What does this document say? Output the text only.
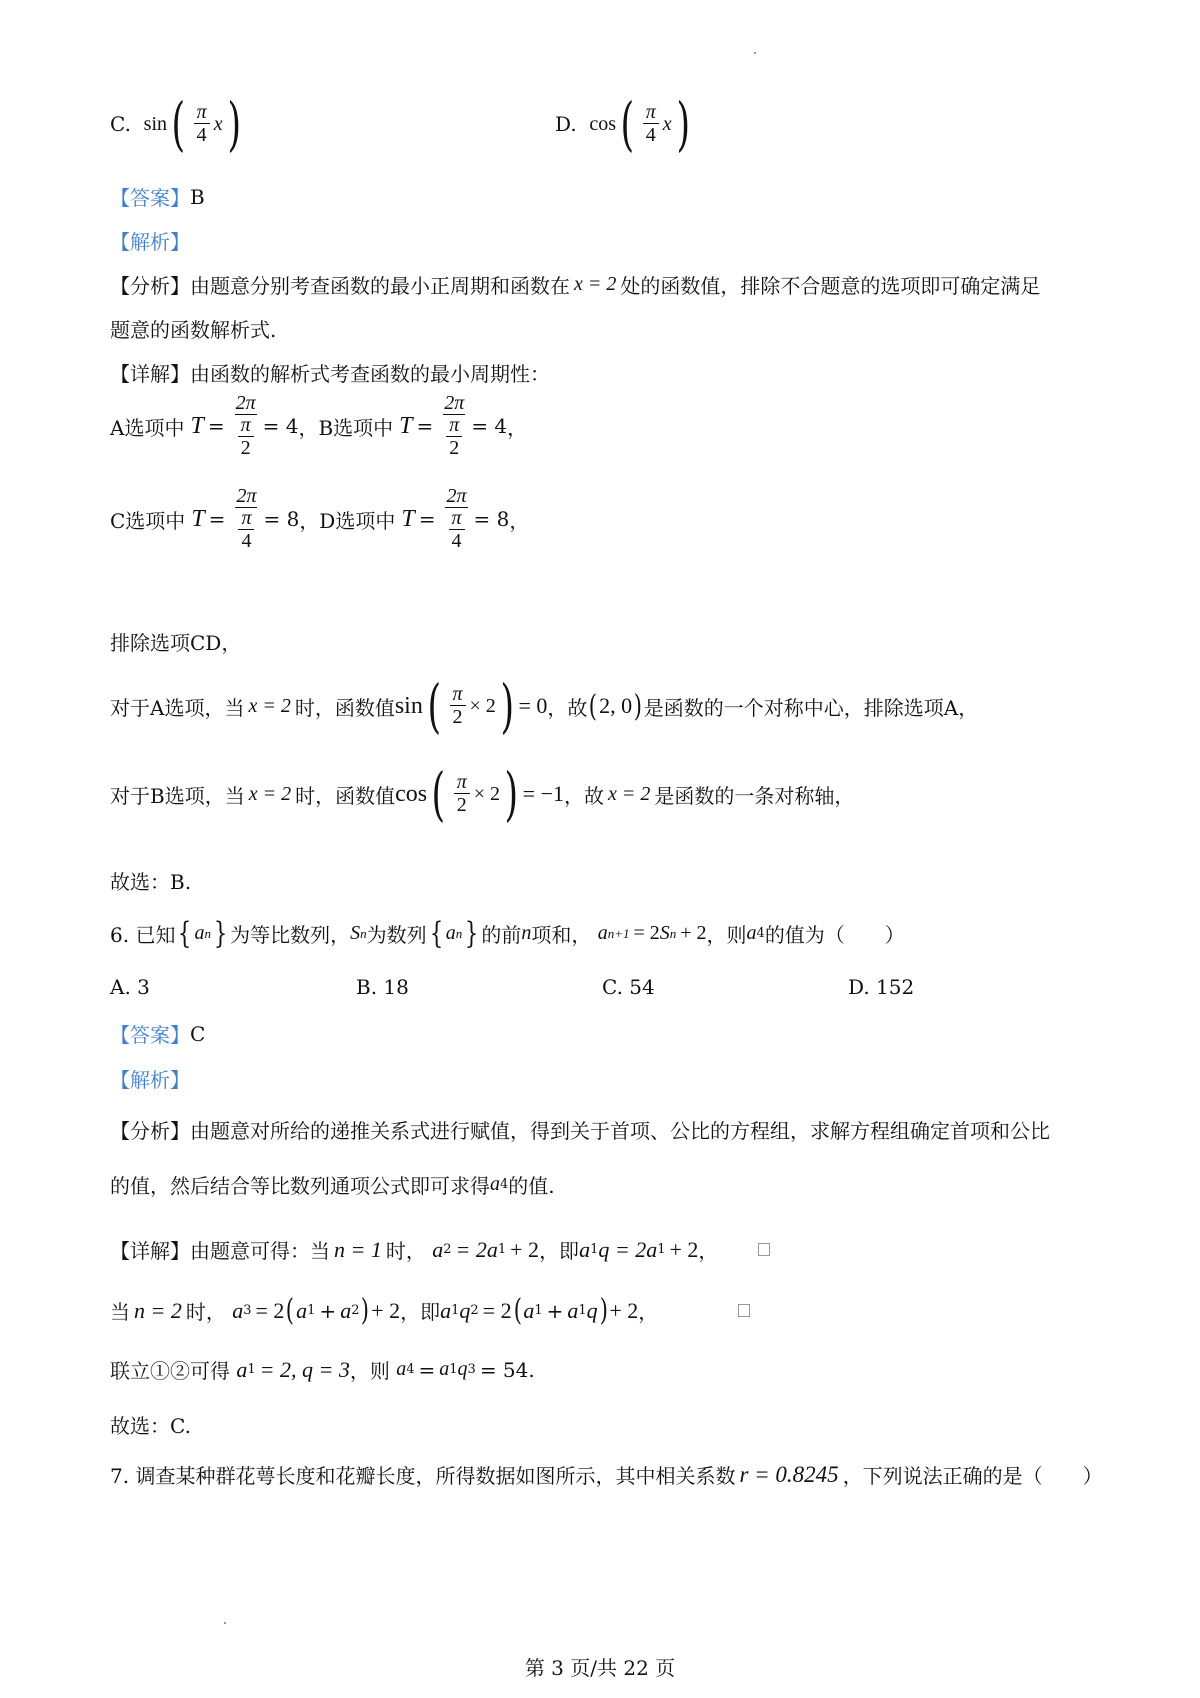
C.
sin ( $\frac{\pi}{4}$ x )	D.
cos ( $\frac{\pi}{4}$ x )
【答案】 B
【解析】
【分析】 由题意分别考查函数的最小正周期和函数在 x = 2 处的函数值，排除不合题意的选项即可确定满足
题意的函数解析式.
【详解】 由函数的解析式考查函数的最小周期性：
A选项中 $T = \frac{2\pi}{\frac{\pi}{2}} = 4$ ，B选项中 $T = \frac{2\pi}{\frac{\pi}{2}} = 4$ ，
C选项中 $T = \frac{2\pi}{\frac{\pi}{4}} = 8$ ，D选项中 $T = \frac{2\pi}{\frac{\pi}{4}} = 8$ ，
排除选项CD，
对于A选项，当 x = 2 时，函数值 sin ( $\frac{\pi}{2} \times 2$ ) = 0 ，故 ( 2, 0 ) 是函数的一个对称中心，排除选项A，
对于B选项，当 x = 2 时，函数值 cos ( $\frac{\pi}{2} \times 2$ ) = −1 ，故 x = 2 是函数的一条对称轴，
故选：B.
6. 已知 { a n } 为等比数列， S n 为数列 { a n } 的前 n 项和，
a n+1 = 2 S n + 2 ，则 a 4 的值为（　　）
A. 3	B. 18	C. 54	D. 152
【答案】 C
【解析】
【分析】 由题意对所给的递推关系式进行赋值，得到关于首项、公比的方程组，求解方程组确定首项和公比
的值，然后结合等比数列通项公式即可求得 a 4 的值.
【详解】 由题意可得：当 n = 1 时，
a 2 = 2a 1 + 2 ，即 a 1 q = 2a 1 + 2 ，
当 n = 2 时，
a 3 = 2 ( a 1 + a 2 ) + 2 ，即 a 1 q 2 = 2 ( a 1 + a 1 q ) + 2 ，
联立①②可得
a 1 = 2, q = 3 ，则
a 4 = a 1 q 3 = 54 .
故选：C.
7. 调查某种群花萼长度和花瓣长度，所得数据如图所示，其中相关系数 r = 0.8245 ，下列说法正确的是（　　）
第 3 页/共 22 页
